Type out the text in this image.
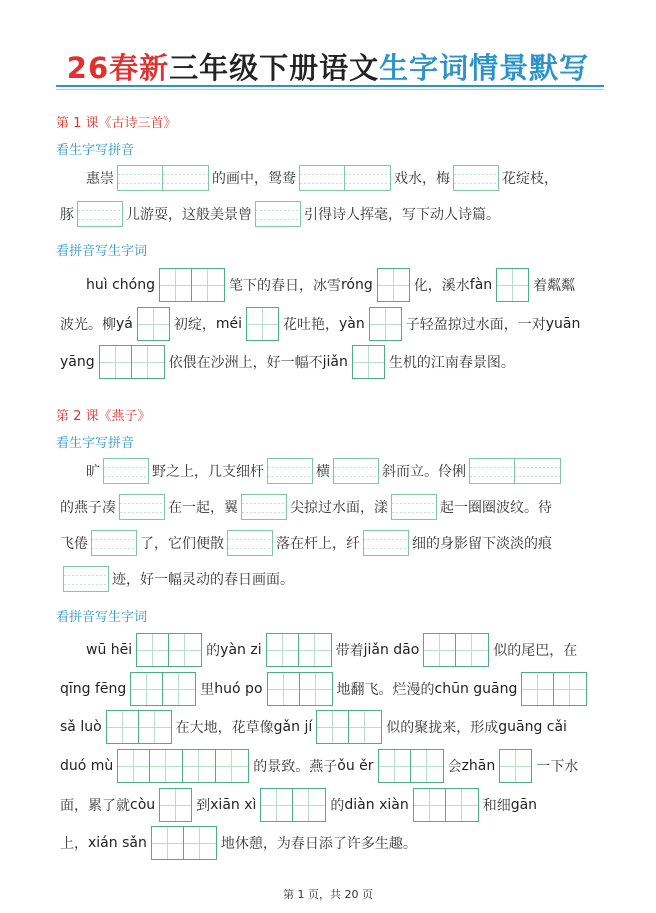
26春新三年级下册语文生字词情景默写
第 1 课《古诗三首》
看生字写拼音
惠崇	的画中，鸳鸯	戏水，梅	花绽枝，
豚	儿游耍，这般美景曾	引得诗人挥毫，写下动人诗篇。
看拼音写生字词
huì chóng	笔下的春日，冰雪 róng	化，溪水 fàn	着粼粼
波光。柳 yá	初绽， méi	花吐艳， yàn	子轻盈掠过水面，一对 yuān
yāng	依偎在沙洲上，好一幅不 jiǎn	生机的江南春景图。
第 2 课《燕子》
看生字写拼音
旷	野之上，几支细杆	横	斜而立。伶俐
的燕子凑	在一起，翼	尖掠过水面，漾	起一圈圈波纹。待
飞倦	了，它们便散	落在杆上，纤	细的身影留下淡淡的痕
迹，好一幅灵动的春日画面。
看拼音写生字词
wū hēi	的 yàn zi	带着 jiǎn dāo	似的尾巴，在
qīng fēng	里 huó po	地翻飞。烂漫的 chūn guāng
sǎ luò	在大地，花草像 gǎn jí	似的聚拢来，形成 guāng cǎi
duó mù	的景致。燕子 ǒu ěr	会 zhān	一下水
面，累了就 còu	到 xiān xì	的 diàn xiàn	和细 gān
上， xián sǎn	地休憩，为春日添了许多生趣。
第 1 页，共 20 页
